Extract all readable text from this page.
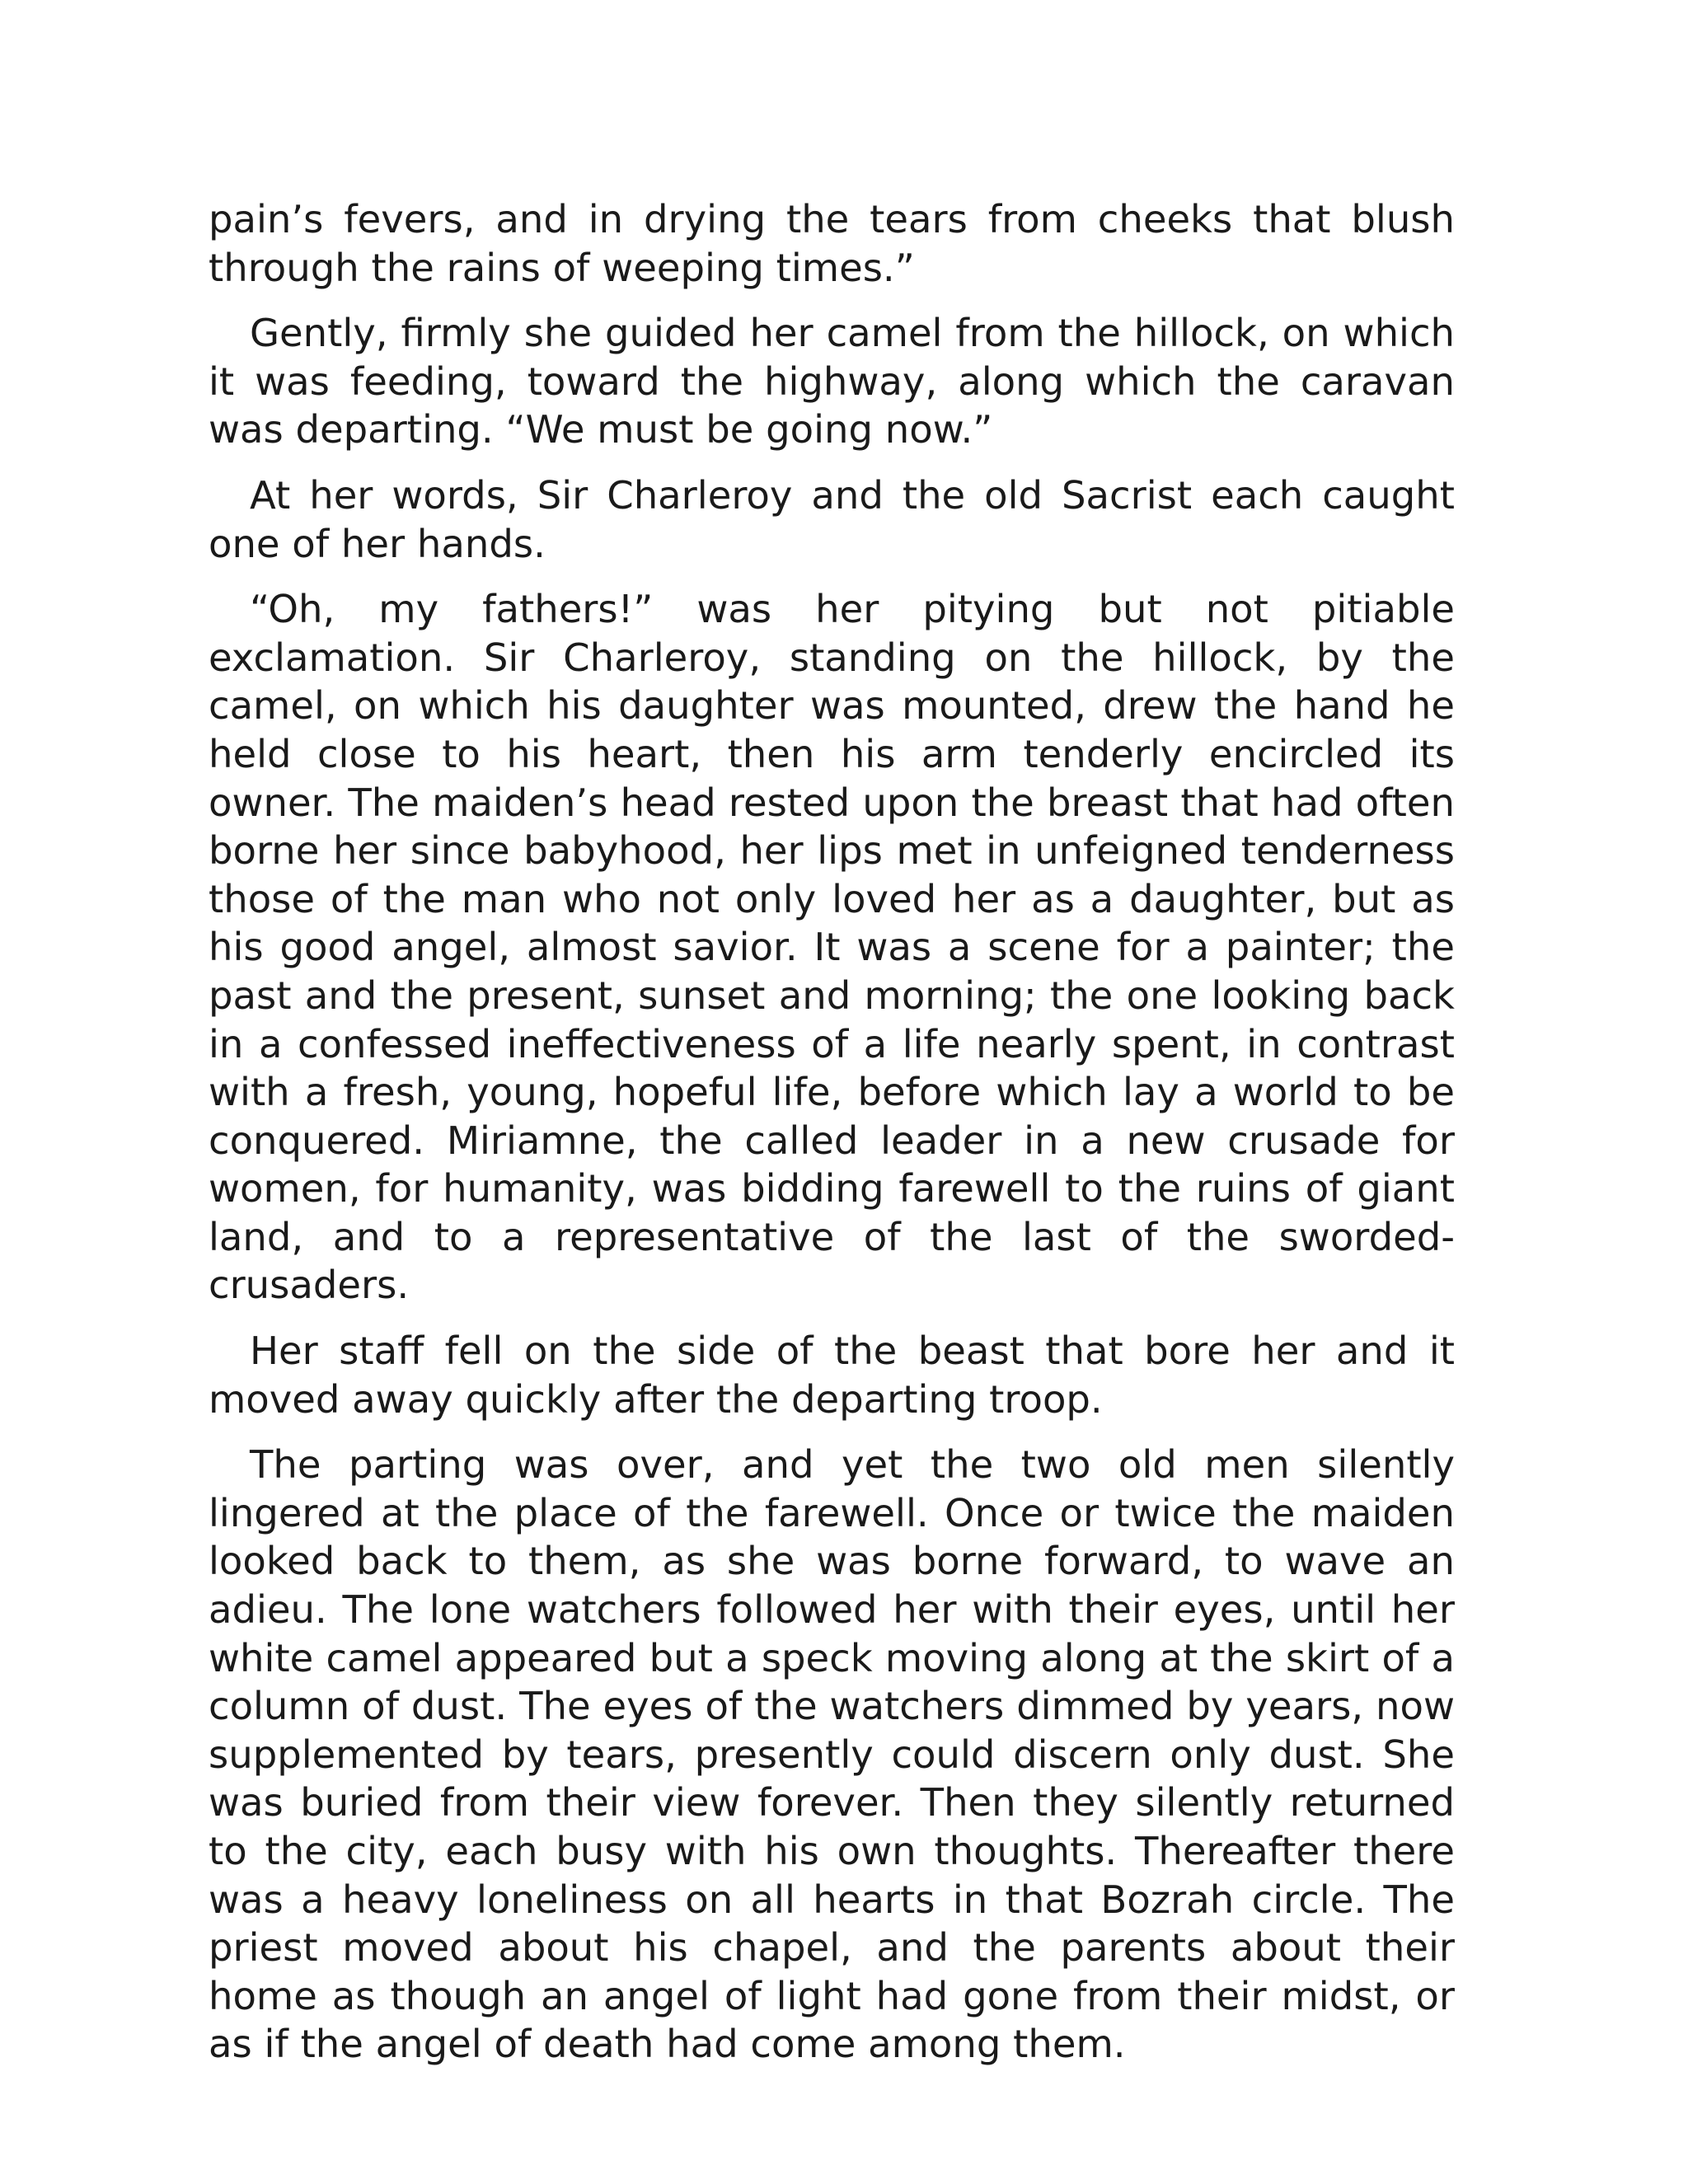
pain’s fevers, and in drying the tears from cheeks that blush through the rains of weeping times.”

Gently, firmly she guided her camel from the hillock, on which it was feeding, toward the highway, along which the caravan was departing. “We must be going now.”

At her words, Sir Charleroy and the old Sacrist each caught one of her hands.

“Oh, my fathers!” was her pitying but not pitiable exclamation. Sir Charleroy, standing on the hillock, by the camel, on which his daughter was mounted, drew the hand he held close to his heart, then his arm tenderly encircled its owner. The maiden’s head rested upon the breast that had often borne her since babyhood, her lips met in unfeigned tenderness those of the man who not only loved her as a daughter, but as his good angel, almost savior. It was a scene for a painter; the past and the present, sunset and morning; the one looking back in a confessed ineffectiveness of a life nearly spent, in contrast with a fresh, young, hopeful life, before which lay a world to be conquered. Miriamne, the called leader in a new crusade for women, for humanity, was bidding farewell to the ruins of giant land, and to a representative of the last of the sworded-crusaders.

Her staff fell on the side of the beast that bore her and it moved away quickly after the departing troop.

The parting was over, and yet the two old men silently lingered at the place of the farewell. Once or twice the maiden looked back to them, as she was borne forward, to wave an adieu. The lone watchers followed her with their eyes, until her white camel appeared but a speck moving along at the skirt of a column of dust. The eyes of the watchers dimmed by years, now supplemented by tears, presently could discern only dust. She was buried from their view forever. Then they silently returned to the city, each busy with his own thoughts. Thereafter there was a heavy loneliness on all hearts in that Bozrah circle. The priest moved about his chapel, and the parents about their home as though an angel of light had gone from their midst, or as if the angel of death had come among them.
